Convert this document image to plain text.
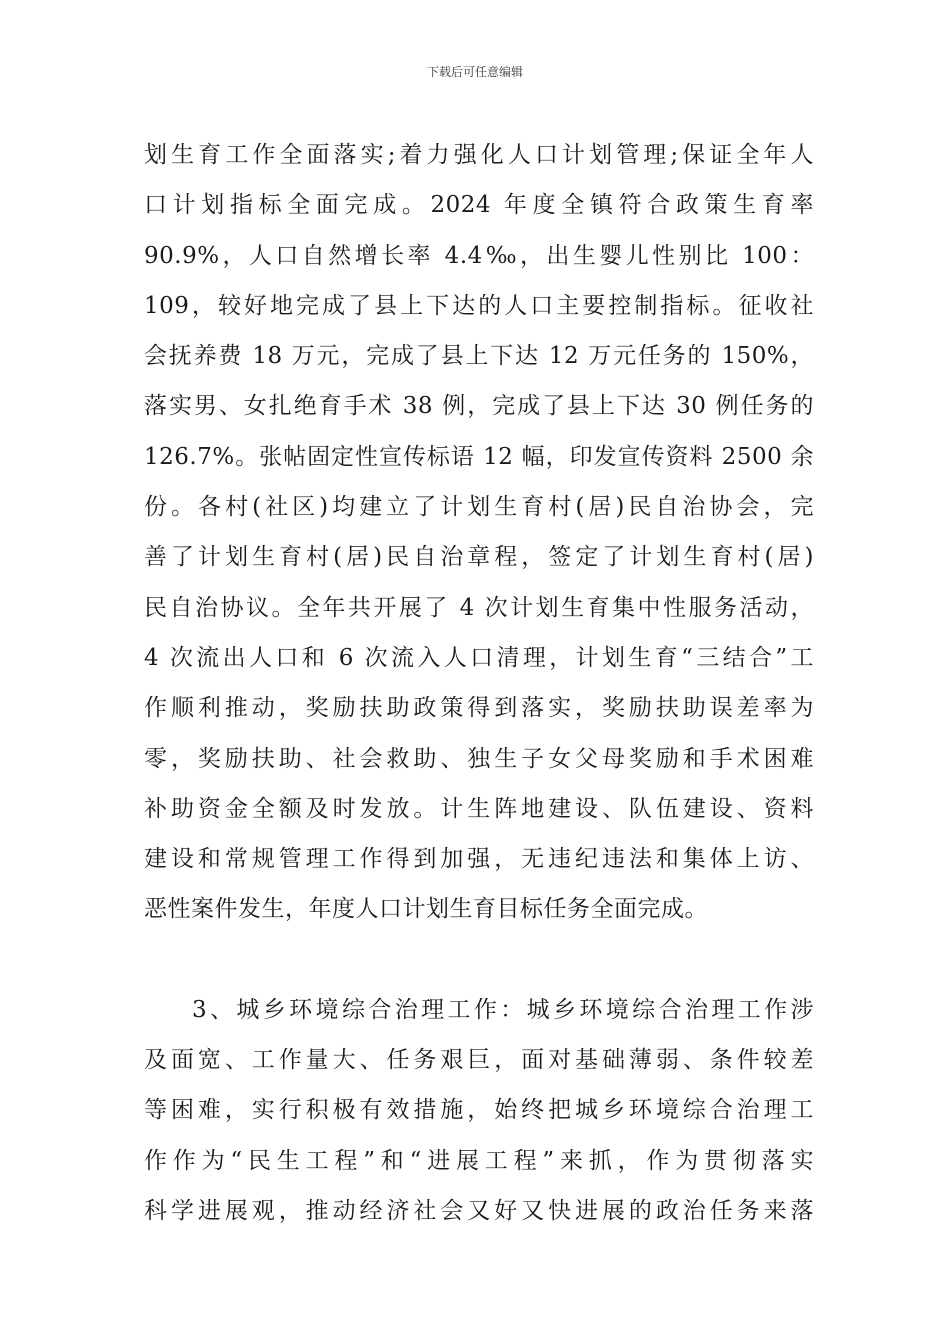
下载后可任意编辑
划生育工作全面落实;着力强化人口计划管理;保证全年人
口计划指标全面完成。2024 年度全镇符合政策生育率
90.9%，人口自然增长率 4.4‰，出生婴儿性别比 100：
109，较好地完成了县上下达的人口主要控制指标。征收社
会抚养费 18 万元，完成了县上下达 12 万元任务的 150%，
落实男、女扎绝育手术 38 例，完成了县上下达 30 例任务的
126.7%。张帖固定性宣传标语 12 幅，印发宣传资料 2500 余
份。各村(社区)均建立了计划生育村(居)民自治协会，完
善了计划生育村(居)民自治章程，签定了计划生育村(居)
民自治协议。全年共开展了 4 次计划生育集中性服务活动，
4 次流出人口和 6 次流入人口清理，计划生育“三结合”工
作顺利推动，奖励扶助政策得到落实，奖励扶助误差率为
零，奖励扶助、社会救助、独生子女父母奖励和手术困难
补助资金全额及时发放。计生阵地建设、队伍建设、资料
建设和常规管理工作得到加强，无违纪违法和集体上访、
恶性案件发生，年度人口计划生育目标任务全面完成。
3、城乡环境综合治理工作：城乡环境综合治理工作涉
及面宽、工作量大、任务艰巨，面对基础薄弱、条件较差
等困难，实行积极有效措施，始终把城乡环境综合治理工
作作为“民生工程”和“进展工程”来抓，作为贯彻落实
科学进展观，推动经济社会又好又快进展的政治任务来落
